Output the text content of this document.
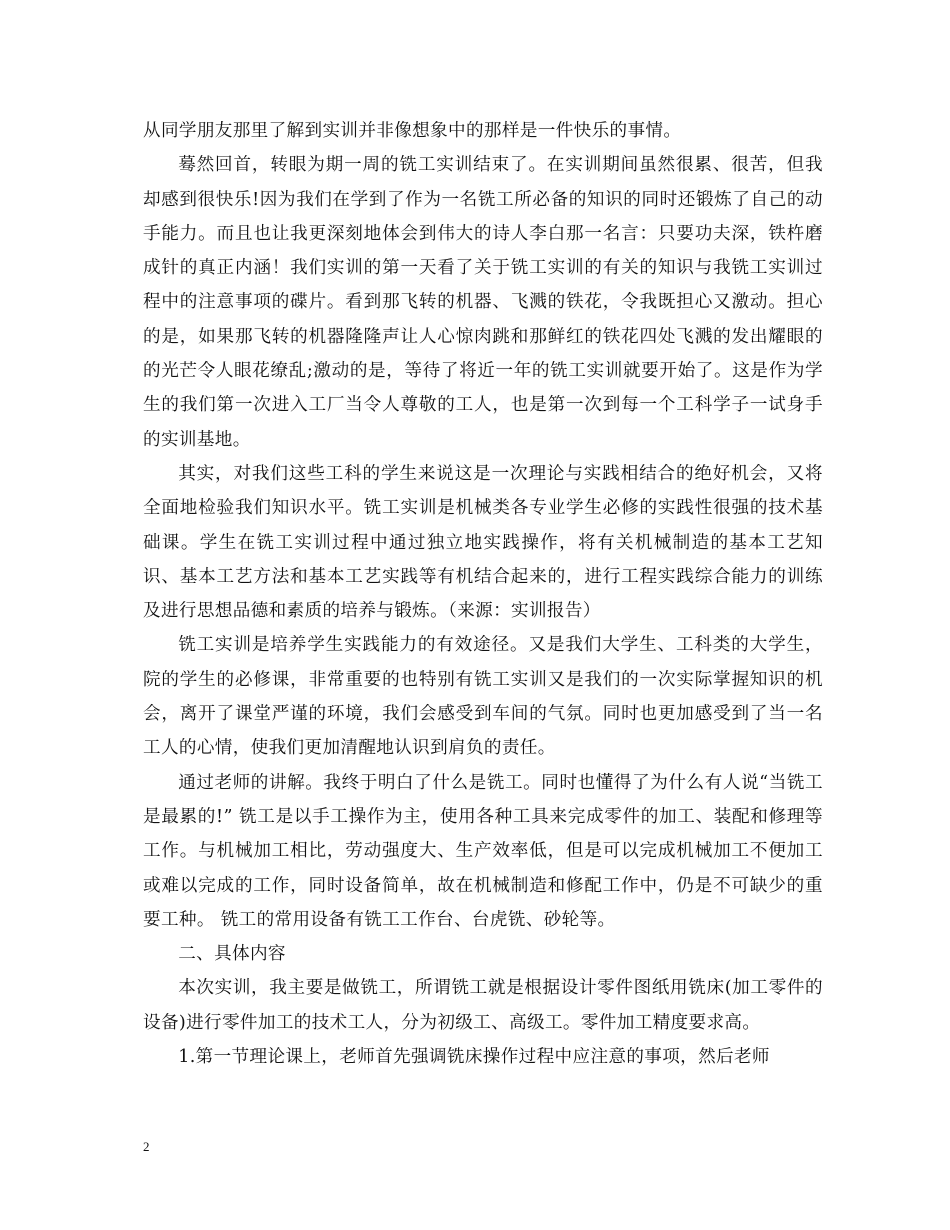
从同学朋友那里了解到实训并非像想象中的那样是一件快乐的事情。

蓦然回首，转眼为期一周的铣工实训结束了。在实训期间虽然很累、很苦，但我却感到很快乐!因为我们在学到了作为一名铣工所必备的知识的同时还锻炼了自己的动手能力。而且也让我更深刻地体会到伟大的诗人李白那一名言：只要功夫深，铁杵磨成针的真正内涵！我们实训的第一天看了关于铣工实训的有关的知识与我铣工实训过程中的注意事项的碟片。看到那飞转的机器、飞溅的铁花，令我既担心又激动。担心的是，如果那飞转的机器隆隆声让人心惊肉跳和那鲜红的铁花四处飞溅的发出耀眼的的光芒令人眼花缭乱;激动的是，等待了将近一年的铣工实训就要开始了。这是作为学生的我们第一次进入工厂当令人尊敬的工人，也是第一次到每一个工科学子一试身手的实训基地。

其实，对我们这些工科的学生来说这是一次理论与实践相结合的绝好机会，又将全面地检验我们知识水平。铣工实训是机械类各专业学生必修的实践性很强的技术基础课。学生在铣工实训过程中通过独立地实践操作，将有关机械制造的基本工艺知识、基本工艺方法和基本工艺实践等有机结合起来的，进行工程实践综合能力的训练及进行思想品德和素质的培养与锻炼。（来源：实训报告）

铣工实训是培养学生实践能力的有效途径。又是我们大学生、工科类的大学生，院的学生的必修课，非常重要的也特别有铣工实训又是我们的一次实际掌握知识的机会，离开了课堂严谨的环境，我们会感受到车间的气氛。同时也更加感受到了当一名工人的心情，使我们更加清醒地认识到肩负的责任。

通过老师的讲解。我终于明白了什么是铣工。同时也懂得了为什么有人说“当铣工是最累的!” 铣工是以手工操作为主，使用各种工具来完成零件的加工、装配和修理等工作。与机械加工相比，劳动强度大、生产效率低，但是可以完成机械加工不便加工或难以完成的工作，同时设备简单，故在机械制造和修配工作中，仍是不可缺少的重要工种。 铣工的常用设备有铣工工作台、台虎铣、砂轮等。

二、具体内容

本次实训，我主要是做铣工，所谓铣工就是根据设计零件图纸用铣床(加工零件的设备)进行零件加工的技术工人，分为初级工、高级工。零件加工精度要求高。

1.第一节理论课上，老师首先强调铣床操作过程中应注意的事项，然后老师

2
